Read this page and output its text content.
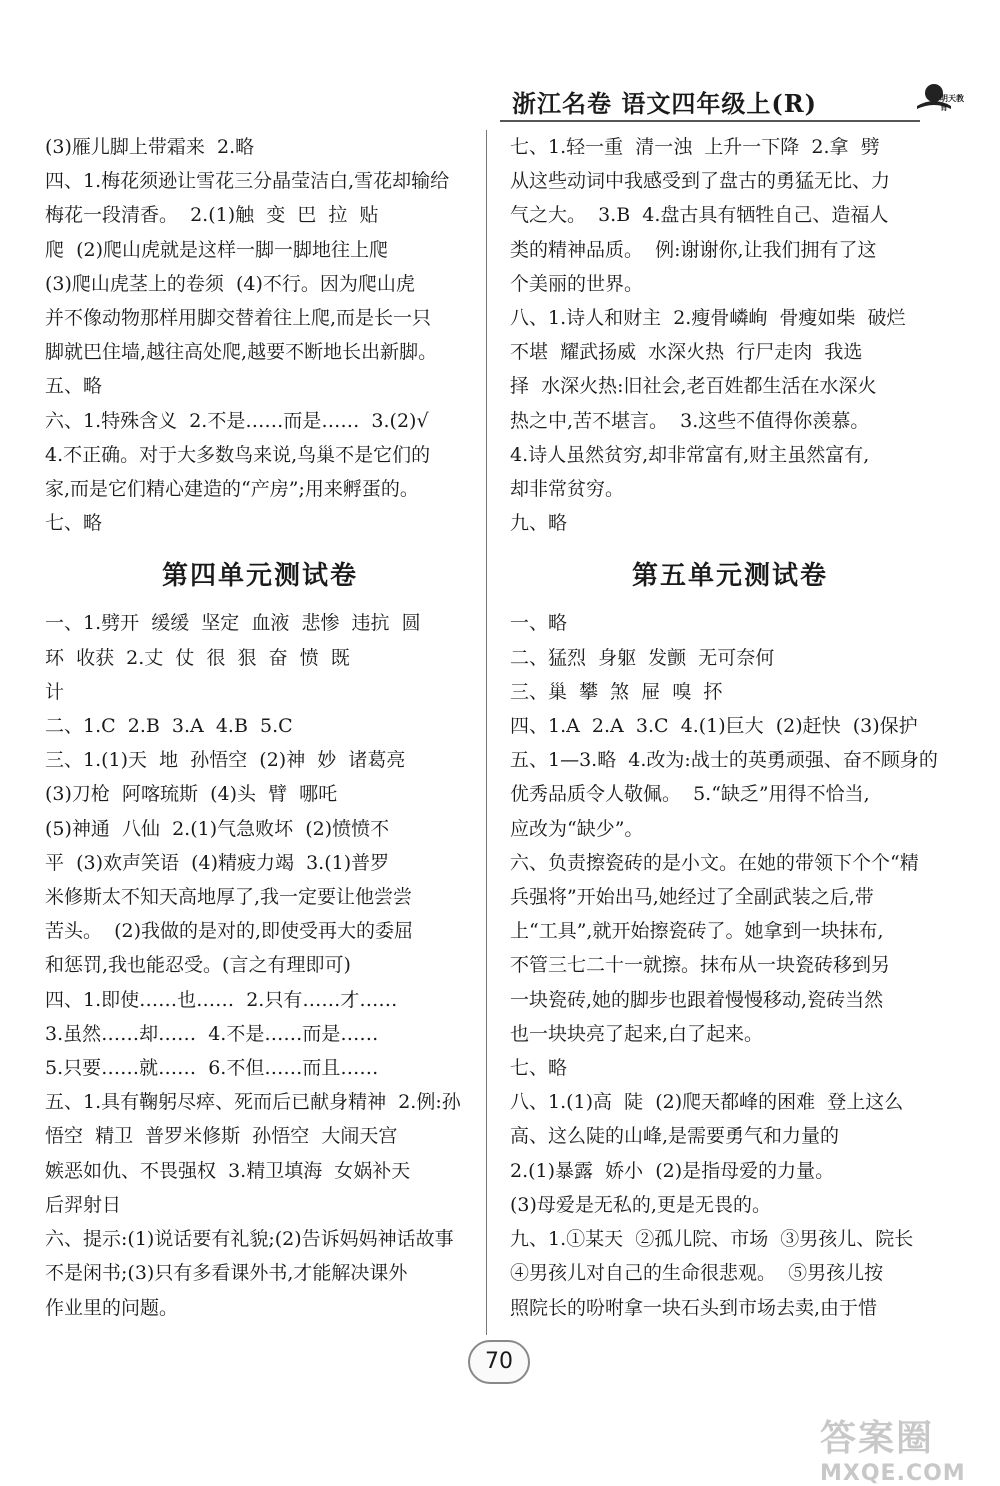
浙江名卷 语文四年级上(R)	明天教育

(3)雁儿脚上带霜来  2.略

四、1.梅花须逊让雪花三分晶莹洁白,雪花却输给

梅花一段清香。  2.(1)触  变  巴  拉  贴

爬  (2)爬山虎就是这样一脚一脚地往上爬

(3)爬山虎茎上的卷须  (4)不行。因为爬山虎

并不像动物那样用脚交替着往上爬,而是长一只

脚就巴住墙,越往高处爬,越要不断地长出新脚。

五、略

六、1.特殊含义  2.不是……而是……  3.(2)√

4.不正确。对于大多数鸟来说,鸟巢不是它们的

家,而是它们精心建造的“产房”;用来孵蛋的。

七、略

第四单元测试卷

一、1.劈开  缓缓  坚定  血液  悲惨  违抗  圆

环  收获  2.丈  仗  很  狠  奋  愤  既

计

二、1.C  2.B  3.A  4.B  5.C

三、1.(1)天  地  孙悟空  (2)神  妙  诸葛亮

(3)刀枪  阿喀琉斯  (4)头  臂  哪吒

(5)神通  八仙  2.(1)气急败坏  (2)愤愤不

平  (3)欢声笑语  (4)精疲力竭  3.(1)普罗

米修斯太不知天高地厚了,我一定要让他尝尝

苦头。  (2)我做的是对的,即使受再大的委屈

和惩罚,我也能忍受。(言之有理即可)

四、1.即使……也……  2.只有……才……

3.虽然……却……  4.不是……而是……

5.只要……就……  6.不但……而且……

五、1.具有鞠躬尽瘁、死而后已献身精神  2.例:孙

悟空  精卫  普罗米修斯  孙悟空  大闹天宫

嫉恶如仇、不畏强权  3.精卫填海  女娲补天

后羿射日

六、提示:(1)说话要有礼貌;(2)告诉妈妈神话故事

不是闲书;(3)只有多看课外书,才能解决课外

作业里的问题。

七、1.轻一重  清一浊  上升一下降  2.拿  劈

从这些动词中我感受到了盘古的勇猛无比、力

气之大。  3.B  4.盘古具有牺牲自己、造福人

类的精神品质。  例:谢谢你,让我们拥有了这

个美丽的世界。

八、1.诗人和财主  2.瘦骨嶙峋  骨瘦如柴  破烂

不堪  耀武扬威  水深火热  行尸走肉  我选

择  水深火热:旧社会,老百姓都生活在水深火

热之中,苦不堪言。  3.这些不值得你羡慕。

4.诗人虽然贫穷,却非常富有,财主虽然富有,

却非常贫穷。

九、略

第五单元测试卷

一、略

二、猛烈  身躯  发颤  无可奈何

三、巢  攀  煞  屉  嗅  抔

四、1.A  2.A  3.C  4.(1)巨大  (2)赶快  (3)保护

五、1—3.略  4.改为:战士的英勇顽强、奋不顾身的

优秀品质令人敬佩。  5.“缺乏”用得不恰当,

应改为“缺少”。

六、负责擦瓷砖的是小文。在她的带领下个个“精

兵强将”开始出马,她经过了全副武装之后,带

上“工具”,就开始擦瓷砖了。她拿到一块抹布,

不管三七二十一就擦。抹布从一块瓷砖移到另

一块瓷砖,她的脚步也跟着慢慢移动,瓷砖当然

也一块块亮了起来,白了起来。

七、略

八、1.(1)高  陡  (2)爬天都峰的困难  登上这么

高、这么陡的山峰,是需要勇气和力量的

2.(1)暴露  娇小  (2)是指母爱的力量。

(3)母爱是无私的,更是无畏的。

九、1.①某天  ②孤儿院、市场  ③男孩儿、院长

④男孩儿对自己的生命很悲观。  ⑤男孩儿按

照院长的吩咐拿一块石头到市场去卖,由于惜

70
答案圈
MXQE.COM
